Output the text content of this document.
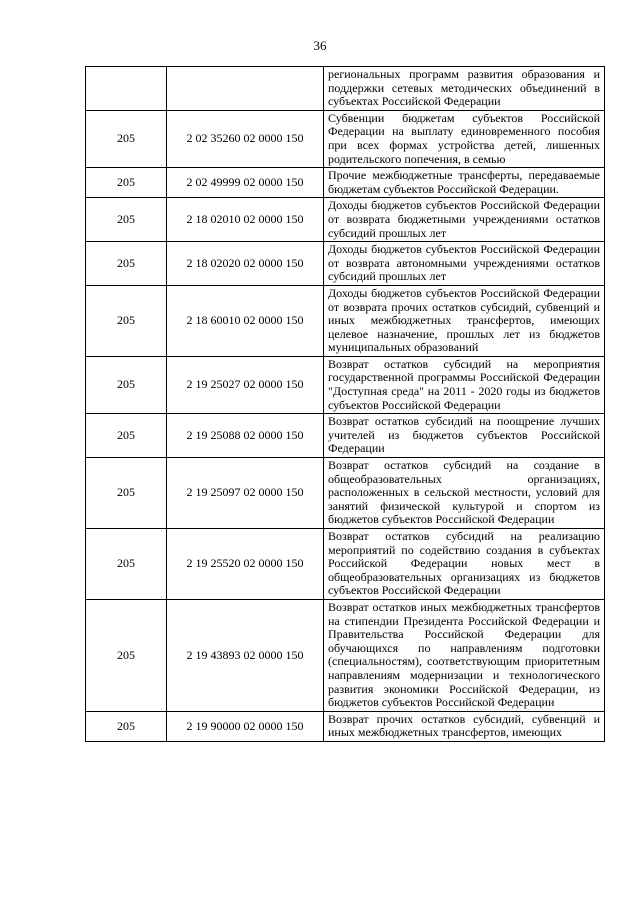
36
		региональных программ развития образования и поддержки сетевых методических объединений в субъектах Российской Федерации
205	2 02 35260 02 0000 150	Субвенции бюджетам субъектов Российской Федерации на выплату единовременного пособия при всех формах устройства детей, лишенных родительского попечения, в семью
205	2 02 49999 02 0000 150	Прочие межбюджетные трансферты, передаваемые бюджетам субъектов Российской Федерации.
205	2 18 02010 02 0000 150	Доходы бюджетов субъектов Российской Федерации от возврата бюджетными учреждениями остатков субсидий прошлых лет
205	2 18 02020 02 0000 150	Доходы бюджетов субъектов Российской Федерации от возврата автономными учреждениями остатков субсидий прошлых лет
205	2 18 60010 02 0000 150	Доходы бюджетов субъектов Российской Федерации от возврата прочих остатков субсидий, субвенций и иных межбюджетных трансфертов, имеющих целевое назначение, прошлых лет из бюджетов муниципальных образований
205	2 19 25027 02 0000 150	Возврат остатков субсидий на мероприятия государственной программы Российской Федерации "Доступная среда" на 2011 - 2020 годы из бюджетов субъектов Российской Федерации
205	2 19 25088 02 0000 150	Возврат остатков субсидий на поощрение лучших учителей из бюджетов субъектов Российской Федерации
205	2 19 25097 02 0000 150	Возврат остатков субсидий на создание в общеобразовательных организациях, расположенных в сельской местности, условий для занятий физической культурой и спортом из бюджетов субъектов Российской Федерации
205	2 19 25520 02 0000 150	Возврат остатков субсидий на реализацию мероприятий по содействию создания в субъектах Российской Федерации новых мест в общеобразовательных организациях из бюджетов субъектов Российской Федерации
205	2 19 43893 02 0000 150	Возврат остатков иных межбюджетных трансфертов на стипендии Президента Российской Федерации и Правительства Российской Федерации для обучающихся по направлениям подготовки (специальностям), соответствующим приоритетным направлениям модернизации и технологического развития экономики Российской Федерации, из бюджетов субъектов Российской Федерации
205	2 19 90000 02 0000 150	Возврат прочих остатков субсидий, субвенций и иных межбюджетных трансфертов, имеющих
